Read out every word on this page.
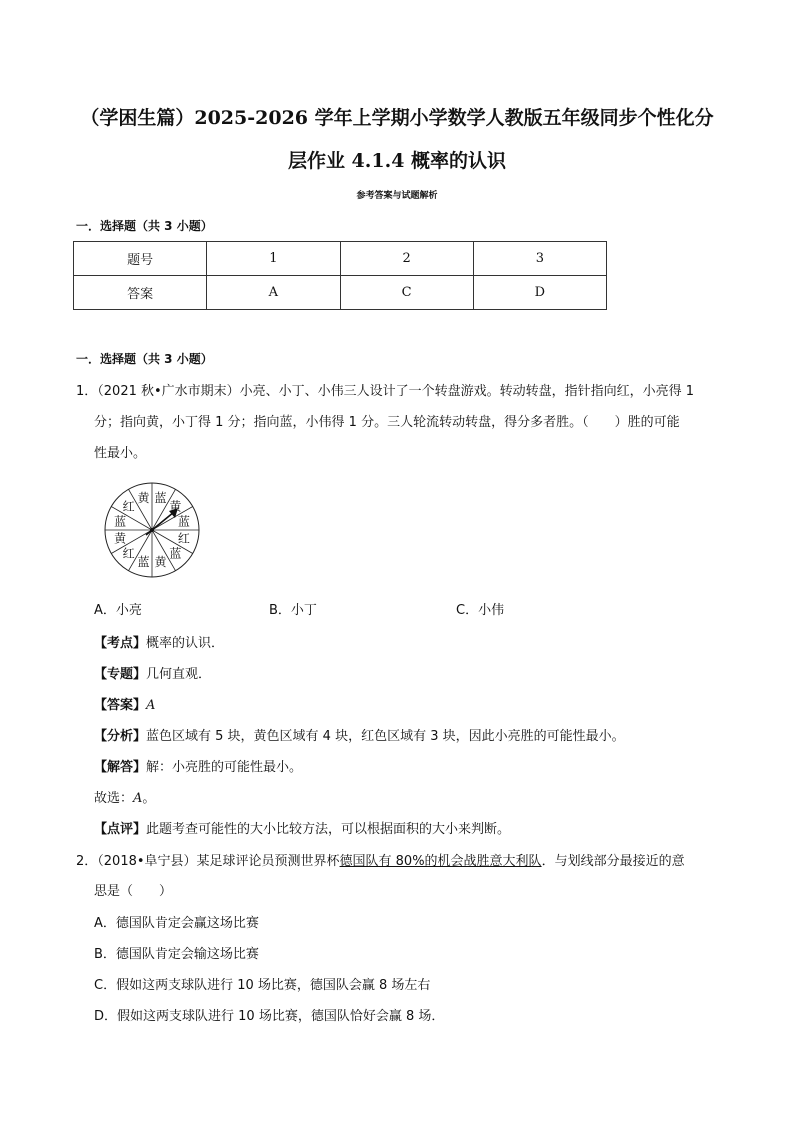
（学困生篇）2025-2026 学年上学期小学数学人教版五年级同步个性化分
层作业 4.1.4 概率的认识
参考答案与试题解析
一．选择题（共 3 小题）
题号	1	2	3
答案	A	C	D
一．选择题（共 3 小题）
1．（2021 秋•广水市期末）小亮、小丁、小伟三人设计了一个转盘游戏。转动转盘，指针指向红，小亮得 1
分；指向黄，小丁得 1 分；指向蓝，小伟得 1 分。三人轮流转动转盘，得分多者胜。（　　）胜的可能
性最小。
蓝
黄
蓝
红
蓝
黄
蓝
红
黄
蓝
红
黄
A．小亮	B．小丁	C．小伟
【考点】概率的认识．
【专题】几何直观．
【答案】A
【分析】蓝色区域有 5 块，黄色区域有 4 块，红色区域有 3 块，因此小亮胜的可能性最小。
【解答】解：小亮胜的可能性最小。
故选：A。
【点评】此题考查可能性的大小比较方法，可以根据面积的大小来判断。
2．（2018•阜宁县）某足球评论员预测世界杯德国队有 80%的机会战胜意大利队．与划线部分最接近的意
思是（　　）
A．德国队肯定会赢这场比赛
B．德国队肯定会输这场比赛
C．假如这两支球队进行 10 场比赛，德国队会赢 8 场左右
D．假如这两支球队进行 10 场比赛，德国队恰好会赢 8 场．
